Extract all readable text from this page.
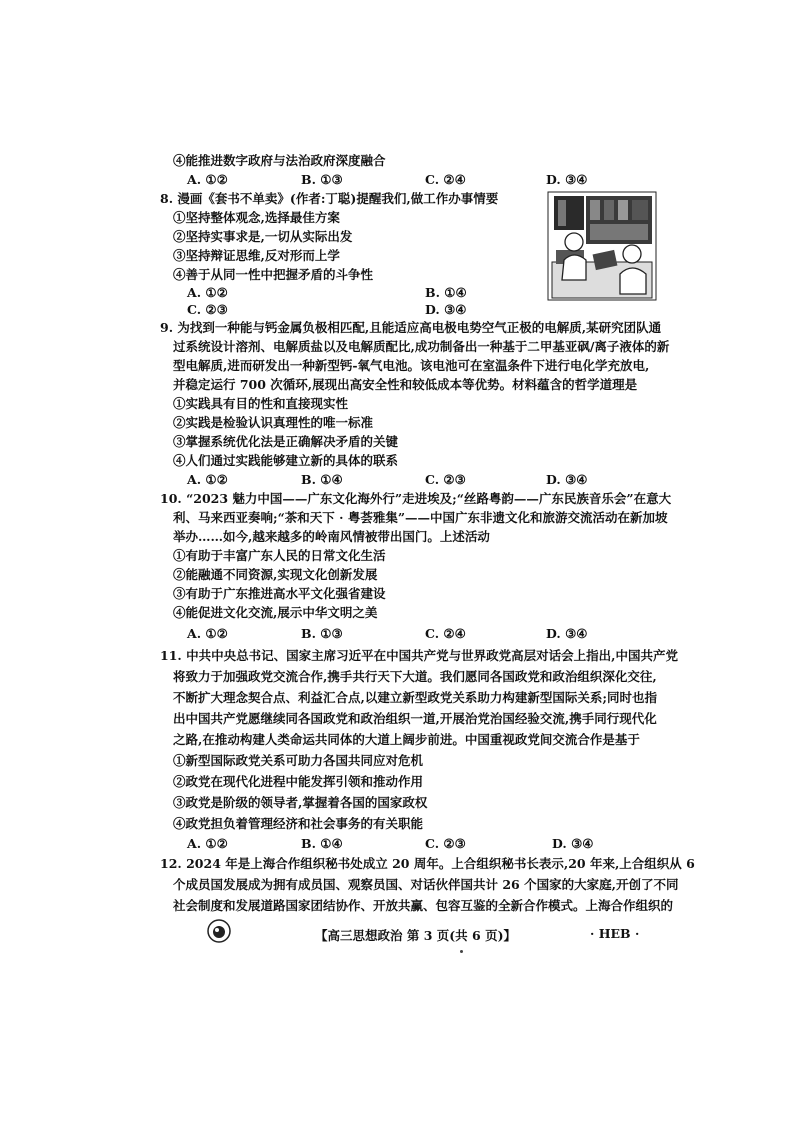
④能推进数字政府与法治政府深度融合
A. ①②	B. ①③	C. ②④	D. ③④
8. 漫画《套书不单卖》(作者:丁聪)提醒我们,做工作办事情要
①坚持整体观念,选择最佳方案
②坚持实事求是,一切从实际出发
③坚持辩证思维,反对形而上学
④善于从同一性中把握矛盾的斗争性
A. ①②	B. ①④
C. ②③	D. ③④
9. 为找到一种能与钙金属负极相匹配,且能适应高电极电势空气正极的电解质,某研究团队通
过系统设计溶剂、电解质盐以及电解质配比,成功制备出一种基于二甲基亚砜/离子液体的新
型电解质,进而研发出一种新型钙-氧气电池。该电池可在室温条件下进行电化学充放电,
并稳定运行 700 次循环,展现出高安全性和较低成本等优势。材料蕴含的哲学道理是
①实践具有目的性和直接现实性
②实践是检验认识真理性的唯一标准
③掌握系统优化法是正确解决矛盾的关键
④人们通过实践能够建立新的具体的联系
A. ①②	B. ①④	C. ②③	D. ③④
10. “2023 魅力中国——广东文化海外行”走进埃及;“丝路粤韵——广东民族音乐会”在意大
利、马来西亚奏响;“茶和天下 · 粤荟雅集”——中国广东非遗文化和旅游交流活动在新加坡
举办……如今,越来越多的岭南风情被带出国门。上述活动
①有助于丰富广东人民的日常文化生活
②能融通不同资源,实现文化创新发展
③有助于广东推进高水平文化强省建设
④能促进文化交流,展示中华文明之美
A. ①②	B. ①③	C. ②④	D. ③④
11. 中共中央总书记、国家主席习近平在中国共产党与世界政党高层对话会上指出,中国共产党
将致力于加强政党交流合作,携手共行天下大道。我们愿同各国政党和政治组织深化交往,
不断扩大理念契合点、利益汇合点,以建立新型政党关系助力构建新型国际关系;同时也指
出中国共产党愿继续同各国政党和政治组织一道,开展治党治国经验交流,携手同行现代化
之路,在推动构建人类命运共同体的大道上阔步前进。中国重视政党间交流合作是基于
①新型国际政党关系可助力各国共同应对危机
②政党在现代化进程中能发挥引领和推动作用
③政党是阶级的领导者,掌握着各国的国家政权
④政党担负着管理经济和社会事务的有关职能
A. ①②	B. ①④	C. ②③	D. ③④
12. 2024 年是上海合作组织秘书处成立 20 周年。上合组织秘书长表示,20 年来,上合组织从 6
个成员国发展成为拥有成员国、观察员国、对话伙伴国共计 26 个国家的大家庭,开创了不同
社会制度和发展道路国家团结协作、开放共赢、包容互鉴的全新合作模式。上海合作组织的
【高三思想政治 第 3 页(共 6 页)】	· HEB ·
